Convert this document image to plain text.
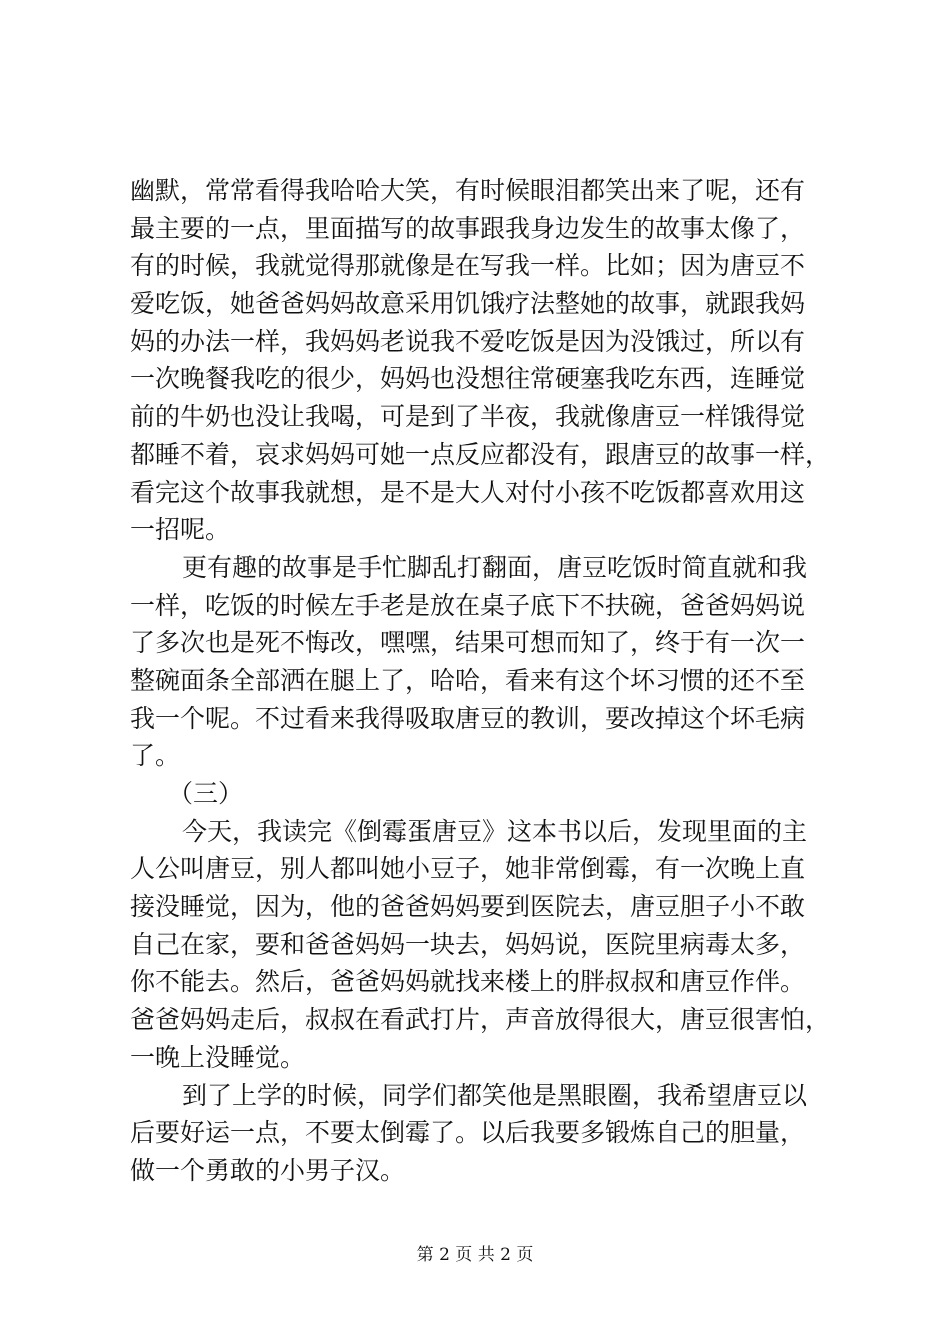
幽默，常常看得我哈哈大笑，有时候眼泪都笑出来了呢，还有
最主要的一点，里面描写的故事跟我身边发生的故事太像了，
有的时候，我就觉得那就像是在写我一样。比如；因为唐豆不
爱吃饭，她爸爸妈妈故意采用饥饿疗法整她的故事，就跟我妈
妈的办法一样，我妈妈老说我不爱吃饭是因为没饿过，所以有
一次晚餐我吃的很少，妈妈也没想往常硬塞我吃东西，连睡觉
前的牛奶也没让我喝，可是到了半夜，我就像唐豆一样饿得觉
都睡不着，哀求妈妈可她一点反应都没有，跟唐豆的故事一样，
看完这个故事我就想，是不是大人对付小孩不吃饭都喜欢用这
一招呢。
更有趣的故事是手忙脚乱打翻面，唐豆吃饭时简直就和我
一样，吃饭的时候左手老是放在桌子底下不扶碗，爸爸妈妈说
了多次也是死不悔改，嘿嘿，结果可想而知了，终于有一次一
整碗面条全部洒在腿上了，哈哈，看来有这个坏习惯的还不至
我一个呢。不过看来我得吸取唐豆的教训，要改掉这个坏毛病
了。
（三）
今天，我读完《倒霉蛋唐豆》这本书以后，发现里面的主
人公叫唐豆，别人都叫她小豆子，她非常倒霉，有一次晚上直
接没睡觉，因为，他的爸爸妈妈要到医院去，唐豆胆子小不敢
自己在家，要和爸爸妈妈一块去，妈妈说，医院里病毒太多，
你不能去。然后，爸爸妈妈就找来楼上的胖叔叔和唐豆作伴。
爸爸妈妈走后，叔叔在看武打片，声音放得很大，唐豆很害怕，
一晚上没睡觉。
到了上学的时候，同学们都笑他是黑眼圈，我希望唐豆以
后要好运一点，不要太倒霉了。以后我要多锻炼自己的胆量，
做一个勇敢的小男子汉。
第 2 页 共 2 页
